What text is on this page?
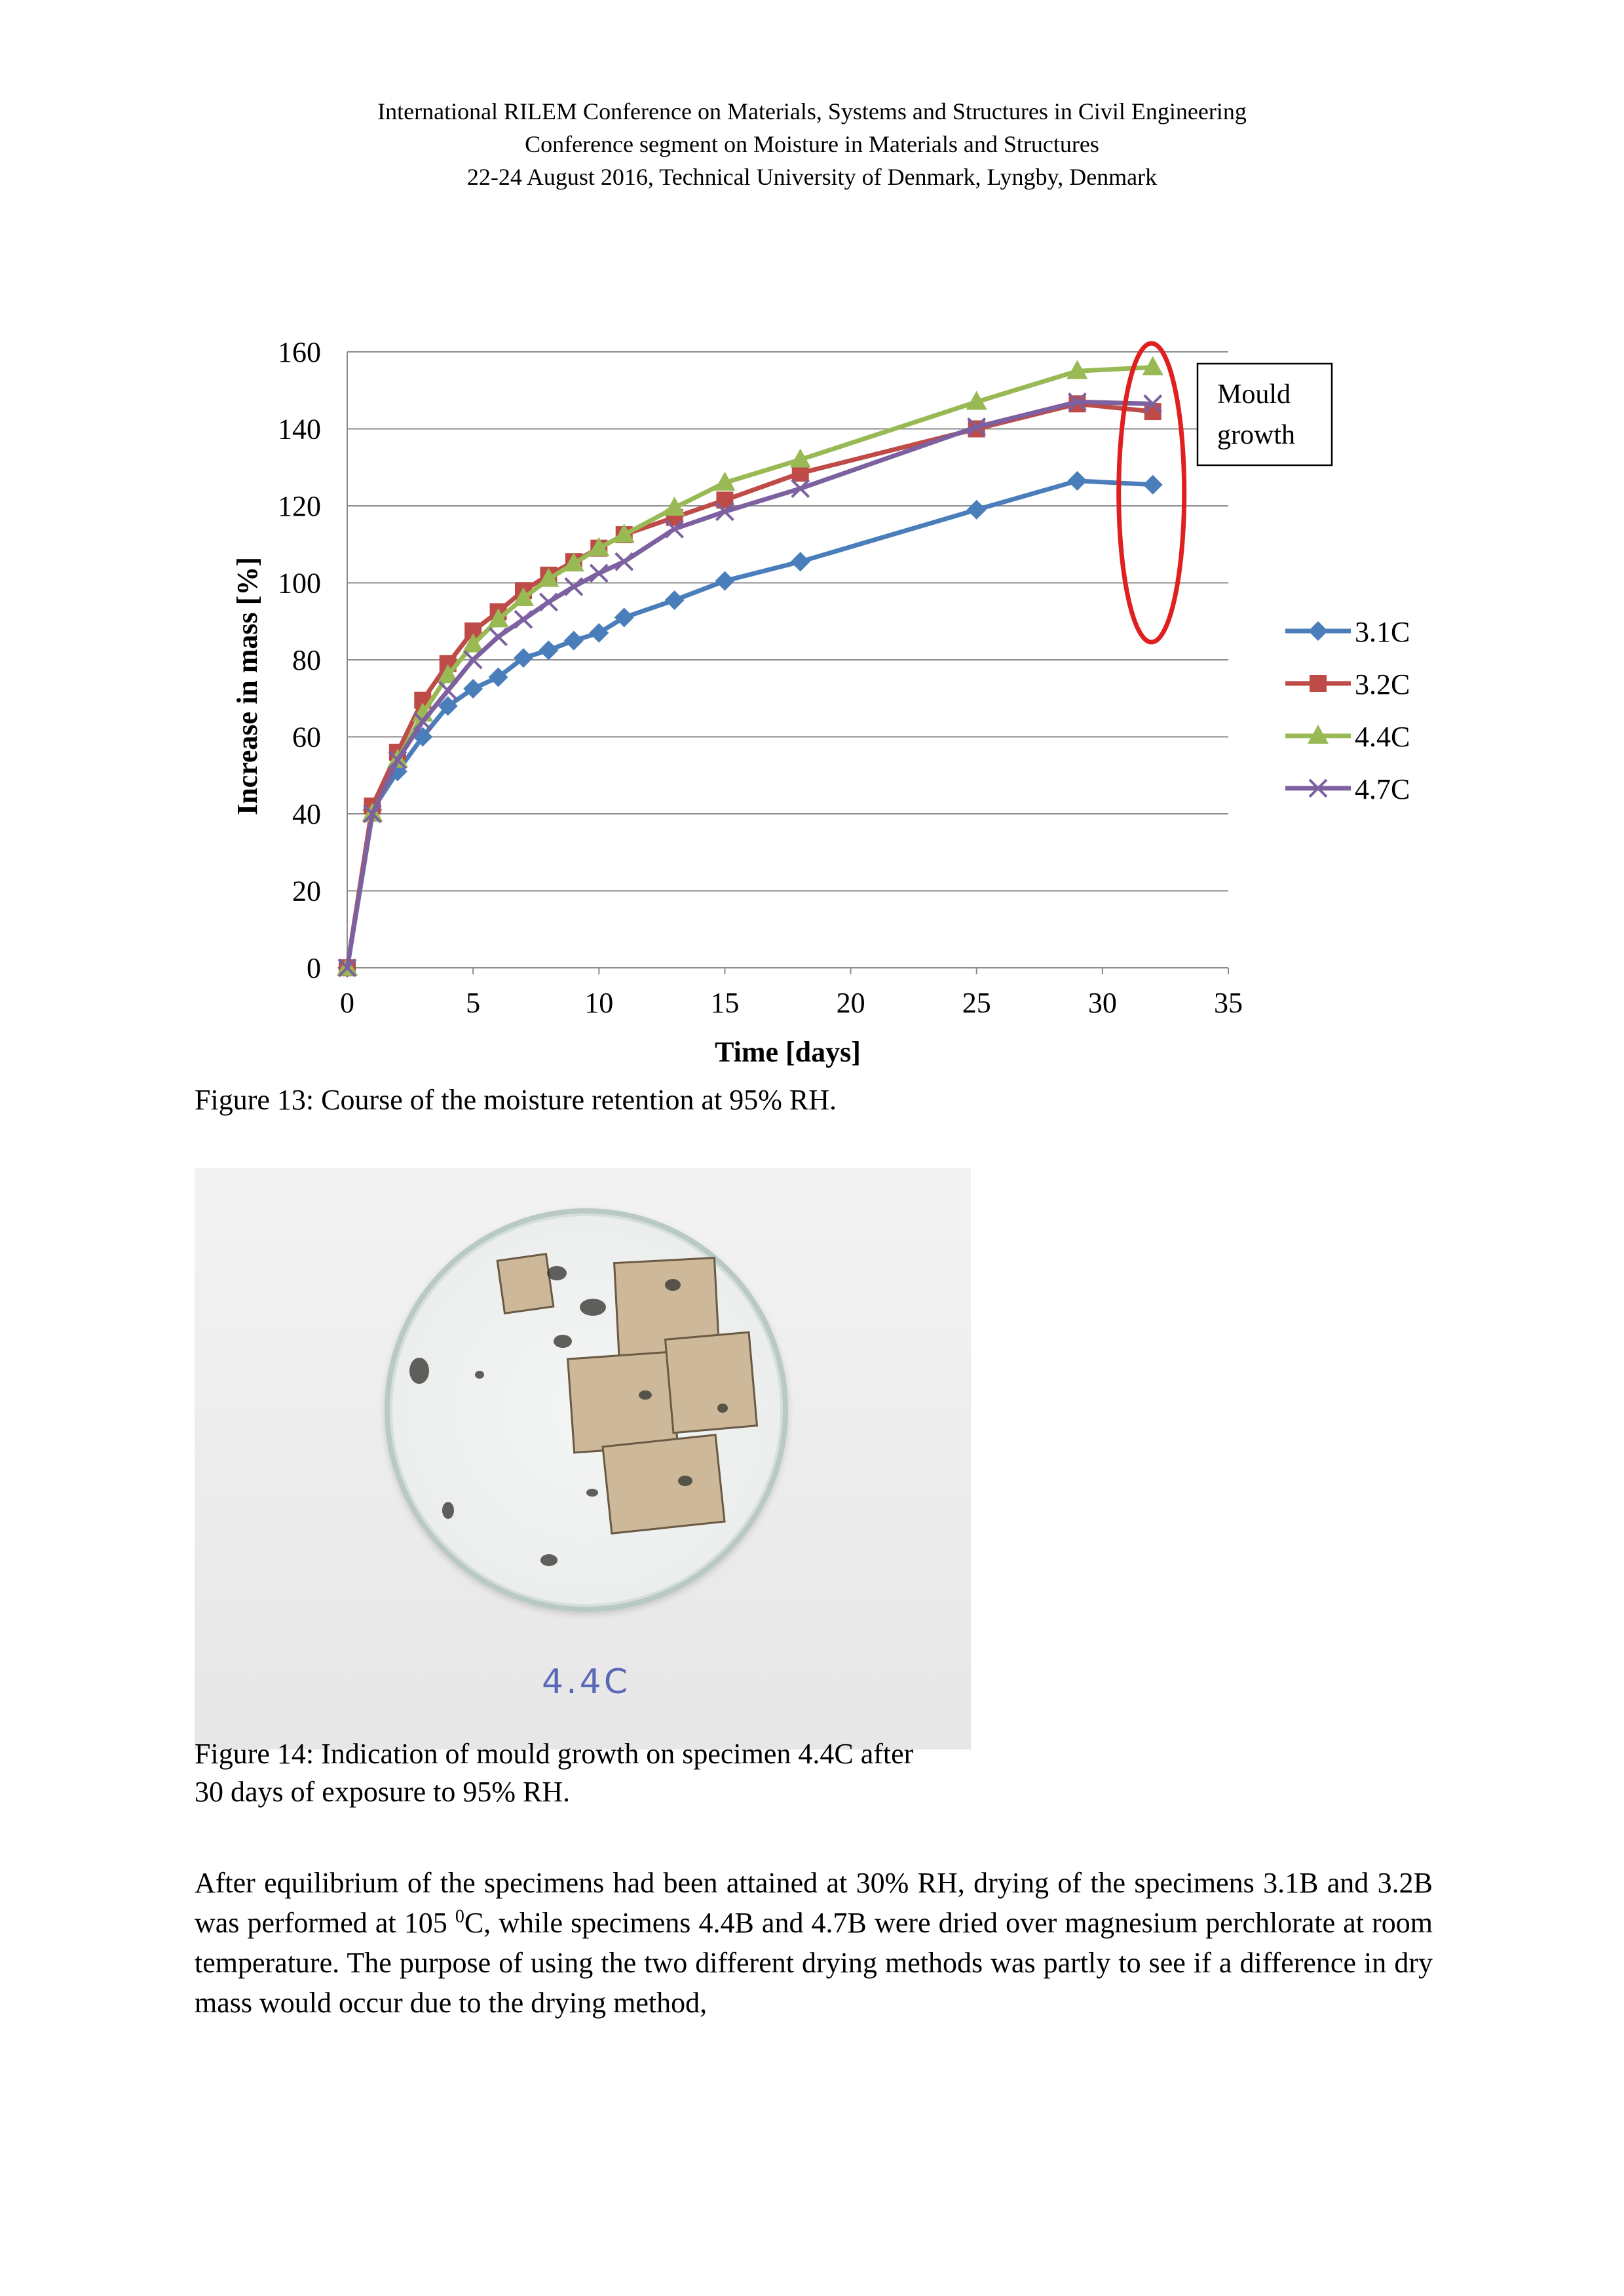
International RILEM Conference on Materials, Systems and Structures in Civil Engineering
Conference segment on Moisture in Materials and Structures
22-24 August 2016, Technical University of Denmark, Lyngby, Denmark
0
20
40
60
80
100
120
140
160
0	5	10	15	20	25	30	35
Time [days]
Increase in mass [%]	3.1C
3.2C
4.4C
4.7C
Mould
growth
Figure 13: Course of the moisture retention at 95% RH.
4.4C
Figure 14: Indication of mould growth on specimen 4.4C after
30 days of exposure to 95% RH.

After equilibrium of the specimens had been attained at 30% RH, drying of the specimens 3.1B and 3.2B was performed at 105 $^0$C, while specimens 4.4B and 4.7B were dried over magnesium perchlorate at room temperature. The purpose of using the two different drying methods was partly to see if a difference in dry mass would occur due to the drying method,
